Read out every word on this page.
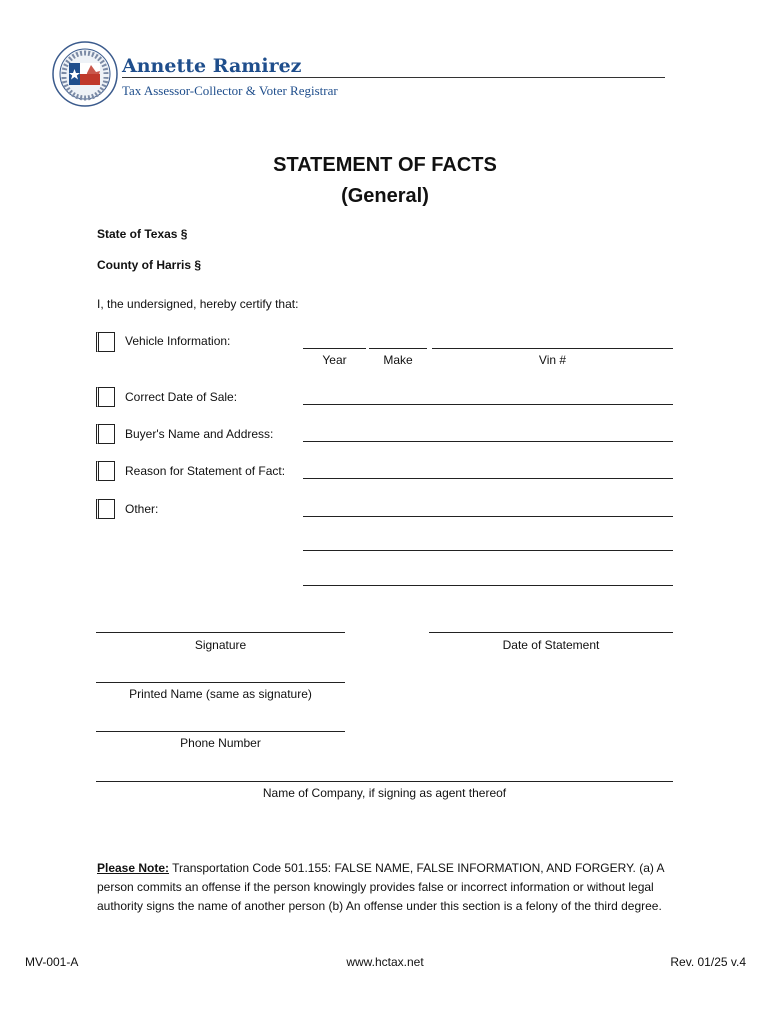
Annette Ramirez
Tax Assessor-Collector & Voter Registrar
STATEMENT OF FACTS
(General)
State of Texas §
County of Harris §
I, the undersigned, hereby certify that:
Vehicle Information:
Year	Make	Vin #
Correct Date of Sale:
Buyer's Name and Address:
Reason for Statement of Fact:
Other:
Signature	Date of Statement
Printed Name (same as signature)
Phone Number
Name of Company, if signing as agent thereof
Please Note: Transportation Code 501.155: FALSE NAME, FALSE INFORMATION, AND FORGERY. (a) A person commits an offense if the person knowingly provides false or incorrect information or without legal authority signs the name of another person (b) An offense under this section is a felony of the third degree.
MV-001-A	www.hctax.net	Rev. 01/25 v.4
